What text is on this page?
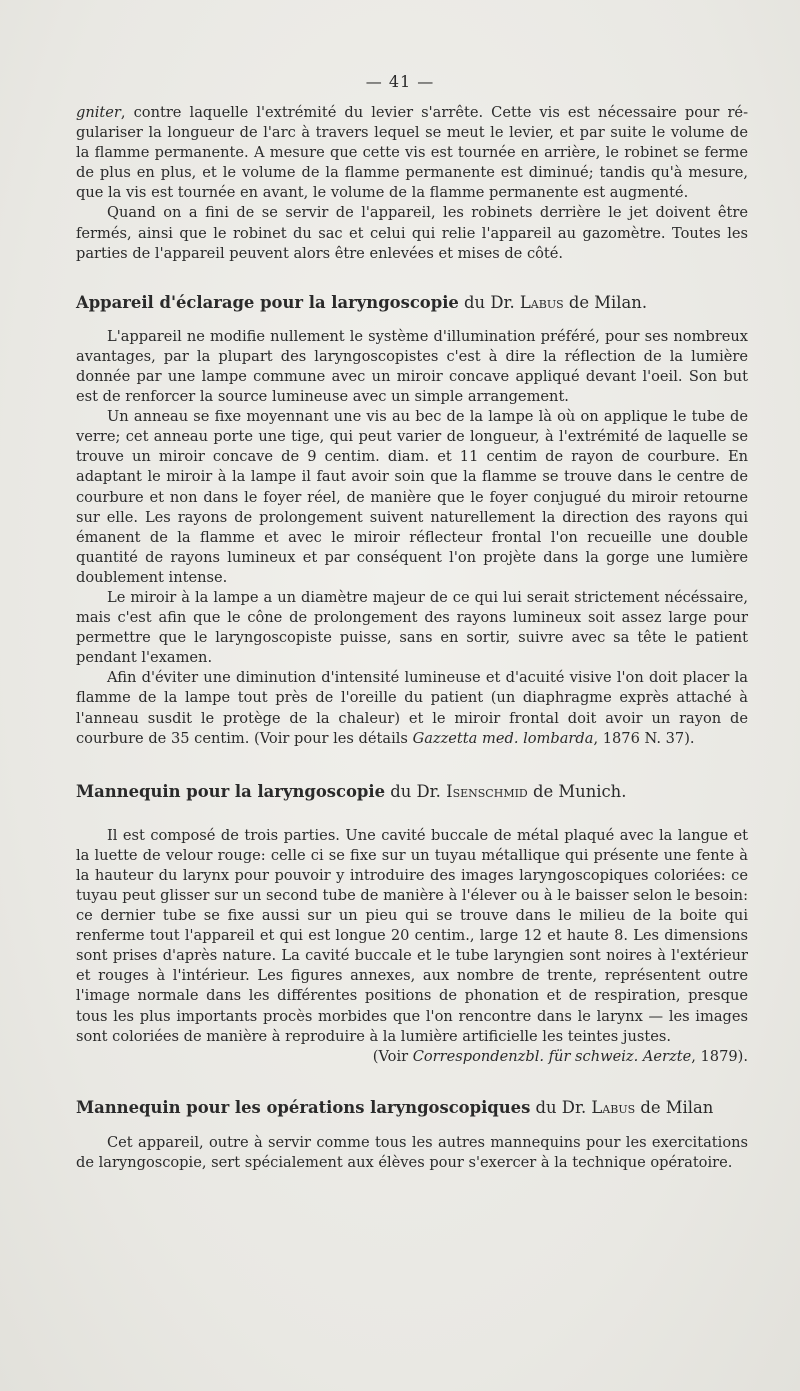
— 41 —

gniter, contre laquelle l'extrémité du levier s'arrête. Cette vis est nécessaire pour régulariser la longueur de l'arc à travers lequel se meut le levier, et par suite le volume de la flamme permanente. A mesure que cette vis est tournée en arrière, le robinet se ferme de plus en plus, et le volume de la flamme permanente est diminué; tandis qu'à mesure, que la vis est tournée en avant, le volume de la flamme permanente est augmenté.

Quand on a fini de se servir de l'appareil, les robinets derrière le jet doivent être fermés, ainsi que le robinet du sac et celui qui relie l'appareil au gazomètre. Toutes les parties de l'appareil peuvent alors être enlevées et mises de côté.

Appareil d'éclarage pour la laryngoscopie du Dr. Labus de Milan.

L'appareil ne modifie nullement le système d'illumination préféré, pour ses nombreux avantages, par la plupart des laryngoscopistes c'est à dire la réflection de la lumière donnée par une lampe commune avec un miroir concave appliqué devant l'oeil. Son but est de renforcer la source lumineuse avec un simple arrangement.

Un anneau se fixe moyennant une vis au bec de la lampe là où on applique le tube de verre; cet anneau porte une tige, qui peut varier de longueur, à l'extrémité de laquelle se trouve un miroir concave de 9 centim. diam. et 11 centim de rayon de courbure. En adaptant le miroir à la lampe il faut avoir soin que la flamme se trouve dans le centre de courbure et non dans le foyer réel, de manière que le foyer conjugué du miroir retourne sur elle. Les rayons de prolongement suivent naturellement la direction des rayons qui émanent de la flamme et avec le miroir réflecteur frontal l'on recueille une double quantité de rayons lumineux et par conséquent l'on projète dans la gorge une lumière doublement intense.

Le miroir à la lampe a un diamètre majeur de ce qui lui serait strictement nécéssaire, mais c'est afin que le cône de prolongement des rayons lumineux soit assez large pour permettre que le laryngoscopiste puisse, sans en sortir, suivre avec sa tête le patient pendant l'examen.

Afin d'éviter une diminution d'intensité lumineuse et d'acuité visive l'on doit placer la flamme de la lampe tout près de l'oreille du patient (un diaphragme exprès attaché à l'anneau susdit le protège de la chaleur) et le miroir frontal doit avoir un rayon de courbure de 35 centim. (Voir pour les détails Gazzetta med. lombarda, 1876 N. 37).

Mannequin pour la laryngoscopie du Dr. Isenschmid de Munich.

Il est composé de trois parties. Une cavité buccale de métal plaqué avec la langue et la luette de velour rouge: celle ci se fixe sur un tuyau métallique qui présente une fente à la hauteur du larynx pour pouvoir y introduire des images laryngoscopiques coloriées: ce tuyau peut glisser sur un second tube de manière à l'élever ou à le baisser selon le besoin: ce dernier tube se fixe aussi sur un pieu qui se trouve dans le milieu de la boite qui renferme tout l'appareil et qui est longue 20 centim., large 12 et haute 8. Les dimensions sont prises d'après nature. La cavité buccale et le tube laryngien sont noires à l'extérieur et rouges à l'intérieur. Les figures annexes, aux nombre de trente, représentent outre l'image normale dans les différentes positions de phonation et de respiration, presque tous les plus importants procès morbides que l'on rencontre dans le larynx — les images sont coloriées de manière à reproduire à la lumière artificielle les teintes justes.

(Voir Correspondenzbl. für schweiz. Aerzte, 1879).

Mannequin pour les opérations laryngoscopiques du Dr. Labus de Milan

Cet appareil, outre à servir comme tous les autres mannequins pour les exercitations de laryngoscopie, sert spécialement aux élèves pour s'exercer à la technique opératoire.
